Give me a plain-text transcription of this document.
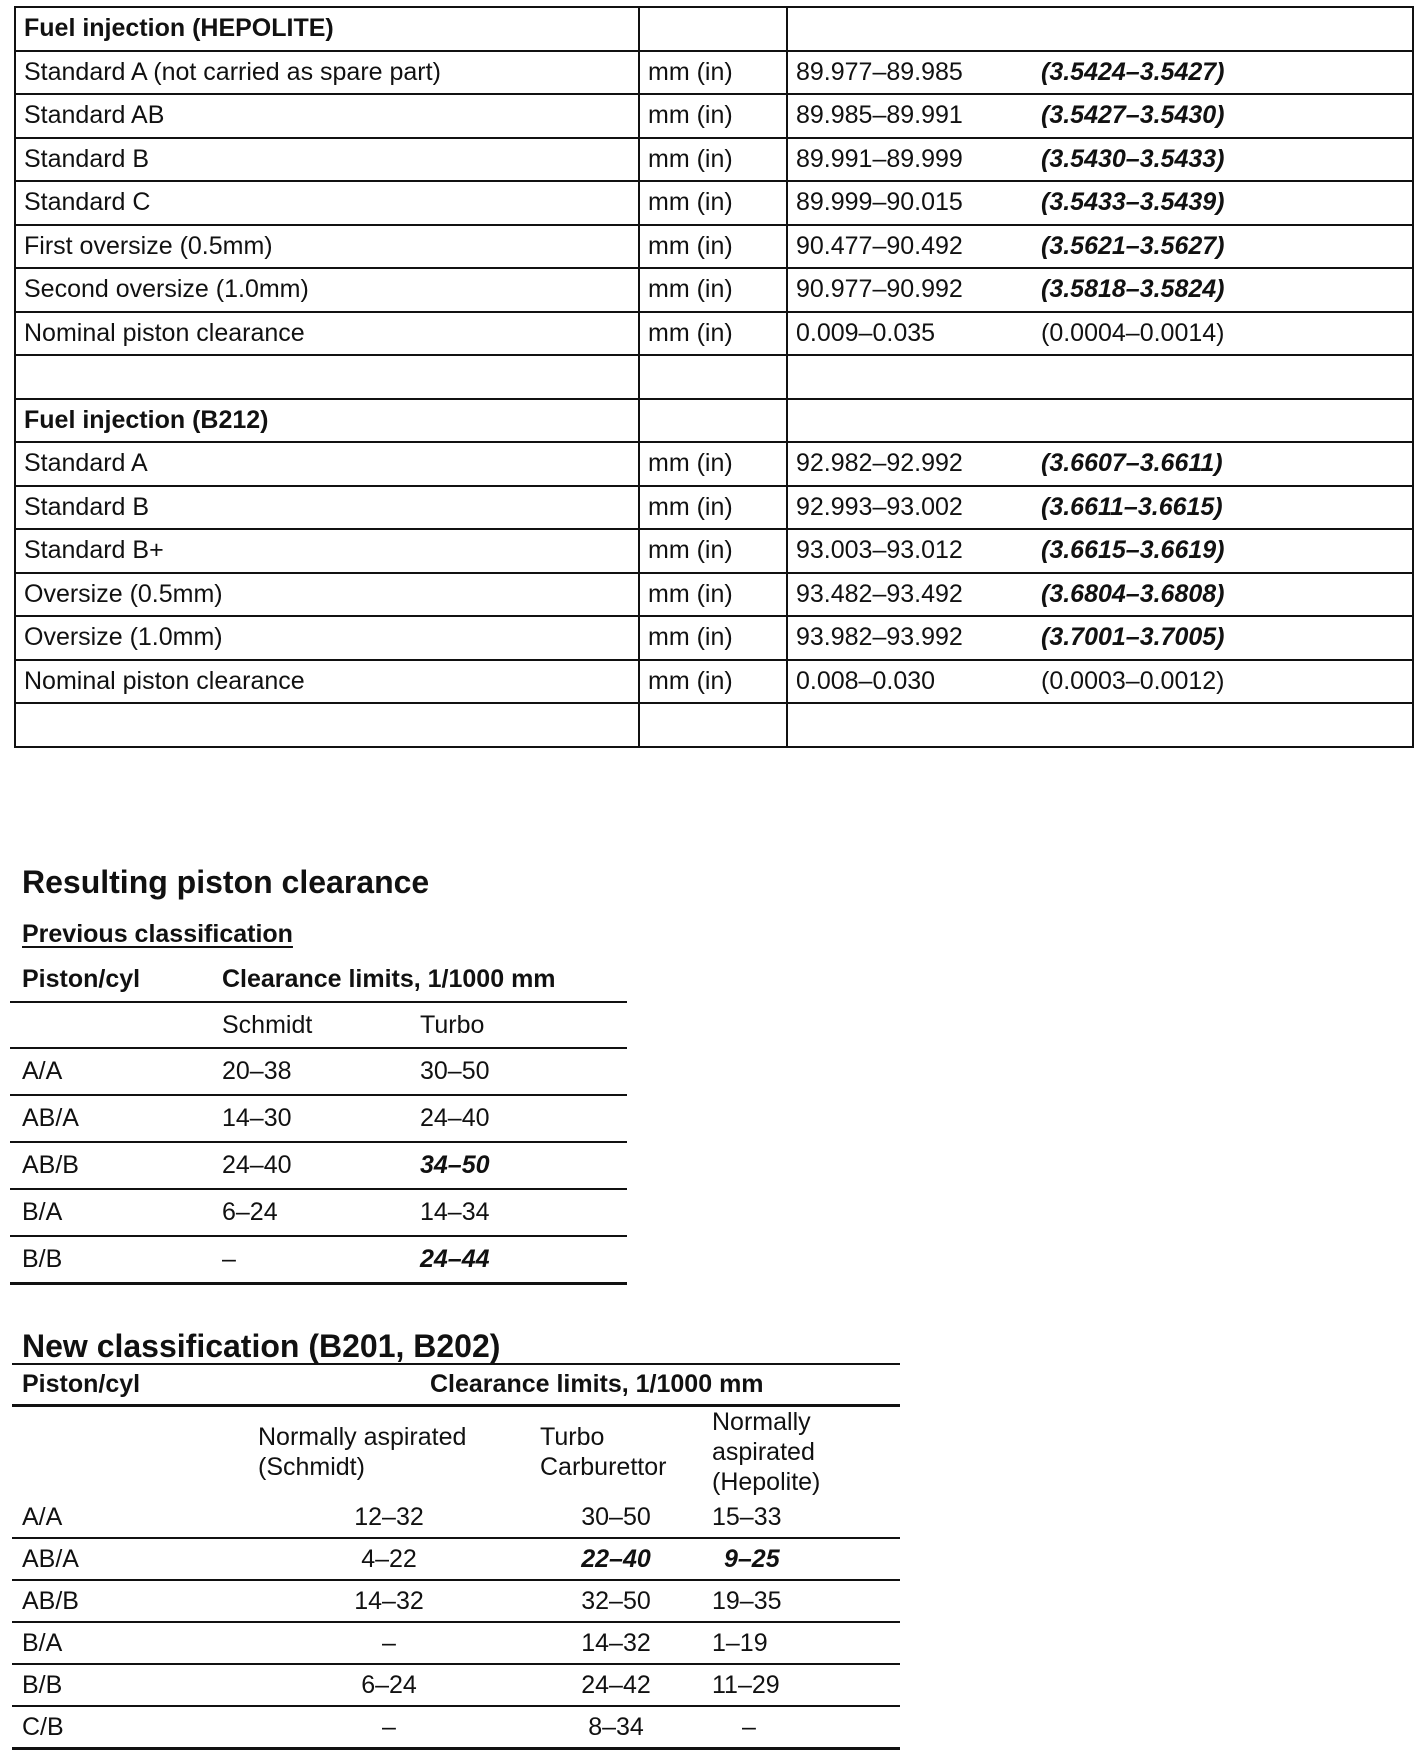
Fuel injection (HEPOLITE)			
Standard A (not carried as spare part)	mm (in)	89.977–89.985	(3.5424–3.5427)
Standard AB	mm (in)	89.985–89.991	(3.5427–3.5430)
Standard B	mm (in)	89.991–89.999	(3.5430–3.5433)
Standard C	mm (in)	89.999–90.015	(3.5433–3.5439)
First oversize (0.5mm)	mm (in)	90.477–90.492	(3.5621–3.5627)
Second oversize (1.0mm)	mm (in)	90.977–90.992	(3.5818–3.5824)
Nominal piston clearance	mm (in)	0.009–0.035	(0.0004–0.0014)

Fuel injection (B212)			
Standard A	mm (in)	92.982–92.992	(3.6607–3.6611)
Standard B	mm (in)	92.993–93.002	(3.6611–3.6615)
Standard B+	mm (in)	93.003–93.012	(3.6615–3.6619)
Oversize (0.5mm)	mm (in)	93.482–93.492	(3.6804–3.6808)
Oversize (1.0mm)	mm (in)	93.982–93.992	(3.7001–3.7005)
Nominal piston clearance	mm (in)	0.008–0.030	(0.0003–0.0012)

Resulting piston clearance
Previous classification
Piston/cyl	Clearance limits, 1/1000 mm	
	Schmidt	Turbo
A/A	20–38	30–50
AB/A	14–30	24–40
AB/B	24–40	34–50
B/A	6–24	14–34
B/B	–	24–44
New classification (B201, B202)
Piston/cyl	Clearance limits, 1/1000 mm		
	Normally aspirated (Schmidt)	Turbo Carburettor	Normally aspirated (Hepolite)
A/A	12–32	30–50	15–33
AB/A	4–22	22–40	9–25
AB/B	14–32	32–50	19–35
B/A	–	14–32	1–19
B/B	6–24	24–42	11–29
C/B	–	8–34	–
